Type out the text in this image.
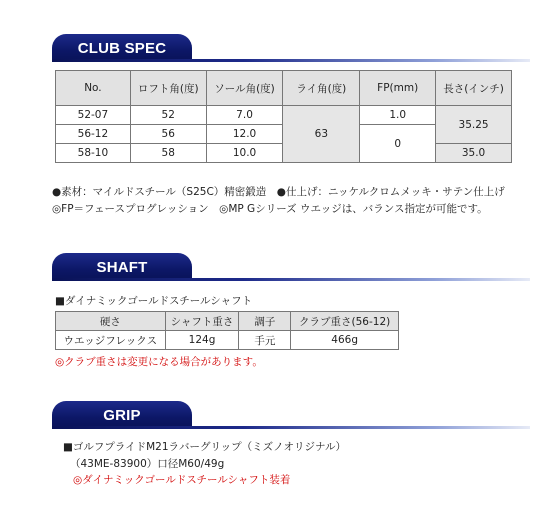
CLUB SPEC
No.	ロフト角(度)	ソール角(度)	ライ角(度)	FP(mm)	長さ(インチ)
52-07	52	7.0	63	1.0	35.25
56-12	56	12.0		0	
58-10	58	10.0			35.0
●素材：マイルドスチール（S25C）精密鍛造　●仕上げ：ニッケルクロムメッキ・サテン仕上げ
◎FP＝フェースプログレッション　◎MP Gシリーズ ウエッジは、バランス指定が可能です。
SHAFT
■ダイナミックゴールドスチールシャフト
硬さ	シャフト重さ	調子	クラブ重さ(56-12)
ウエッジフレックス	124g	手元	466g
◎クラブ重さは変更になる場合があります。
GRIP
■ゴルフプライドM21ラバーグリップ（ミズノオリジナル）
（43ME-83900）口径M60/49g
◎ダイナミックゴールドスチールシャフト装着
